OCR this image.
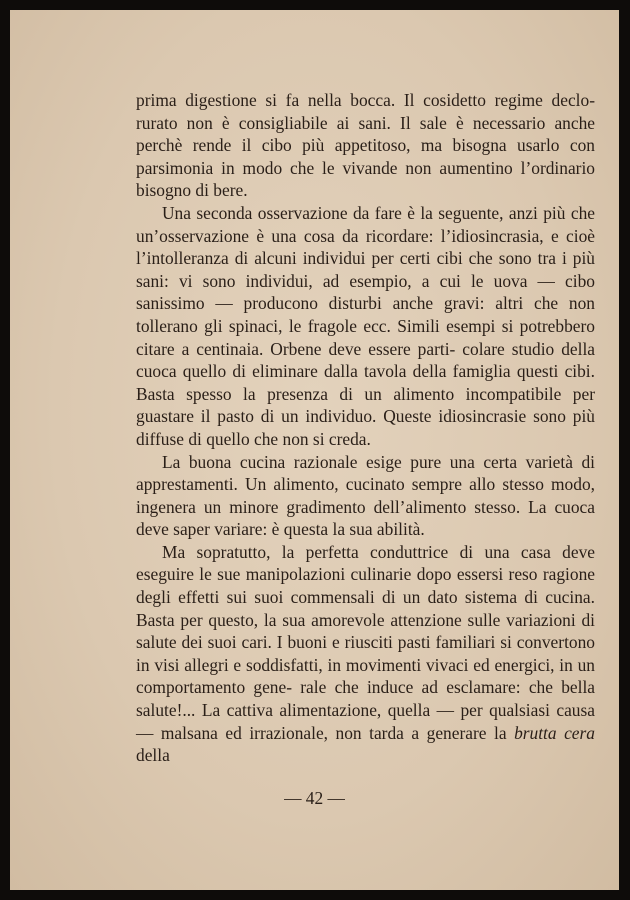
prima digestione si fa nella bocca. Il cosidetto regime declo- rurato non è consigliabile ai sani. Il sale è necessario anche perchè rende il cibo più appetitoso, ma bisogna usarlo con parsimonia in modo che le vivande non aumentino l’ordinario bisogno di bere.

Una seconda osservazione da fare è la seguente, anzi più che un’osservazione è una cosa da ricordare: l’idiosincrasia, e cioè l’intolleranza di alcuni individui per certi cibi che sono tra i più sani: vi sono individui, ad esempio, a cui le uova — cibo sanissimo — producono disturbi anche gravi: altri che non tollerano gli spinaci, le fragole ecc. Simili esempi si potrebbero citare a centinaia. Orbene deve essere parti- colare studio della cuoca quello di eliminare dalla tavola della famiglia questi cibi. Basta spesso la presenza di un alimento incompatibile per guastare il pasto di un individuo. Queste idiosincrasie sono più diffuse di quello che non si creda.

La buona cucina razionale esige pure una certa varietà di apprestamenti. Un alimento, cucinato sempre allo stesso modo, ingenera un minore gradimento dell’alimento stesso. La cuoca deve saper variare: è questa la sua abilità.

Ma sopratutto, la perfetta conduttrice di una casa deve eseguire le sue manipolazioni culinarie dopo essersi reso ragione degli effetti sui suoi commensali di un dato sistema di cucina. Basta per questo, la sua amorevole attenzione sulle variazioni di salute dei suoi cari. I buoni e riusciti pasti familiari si convertono in visi allegri e soddisfatti, in movimenti vivaci ed energici, in un comportamento gene- rale che induce ad esclamare: che bella salute!... La cattiva alimentazione, quella — per qualsiasi causa — malsana ed irrazionale, non tarda a generare la brutta cera della

— 42 —
